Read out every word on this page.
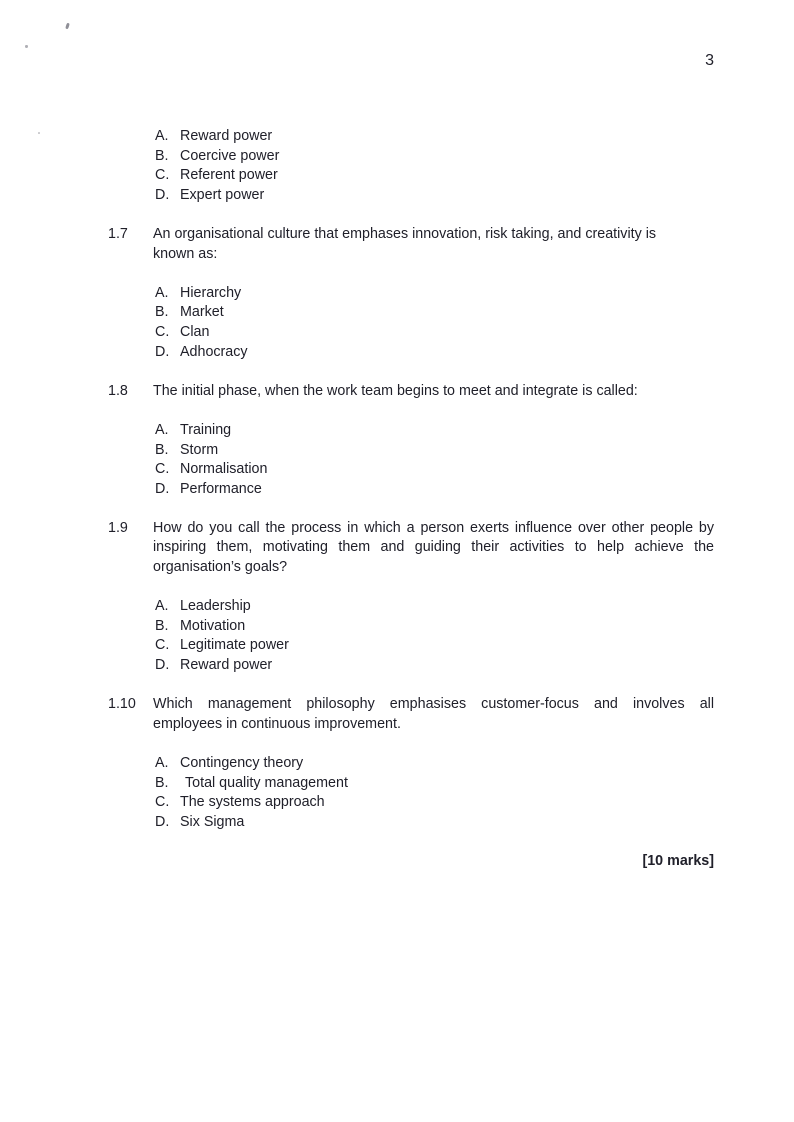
3
A. Reward power
B. Coercive power
C. Referent power
D. Expert power
1.7	An organisational culture that emphases innovation, risk taking, and creativity is
known as:
A. Hierarchy
B. Market
C. Clan
D. Adhocracy
1.8	The initial phase, when the work team begins to meet and integrate is called:
A. Training
B. Storm
C. Normalisation
D. Performance
1.9	How do you call the process in which a person exerts influence over other people by
inspiring them, motivating them and guiding their activities to help achieve the
organisation’s goals?
A. Leadership
B. Motivation
C. Legitimate power
D. Reward power
1.10	Which management philosophy emphasises customer-focus and involves all
employees in continuous improvement.
A. Contingency theory
B.	Total quality management
C. The systems approach
D. Six Sigma
[10 marks]
